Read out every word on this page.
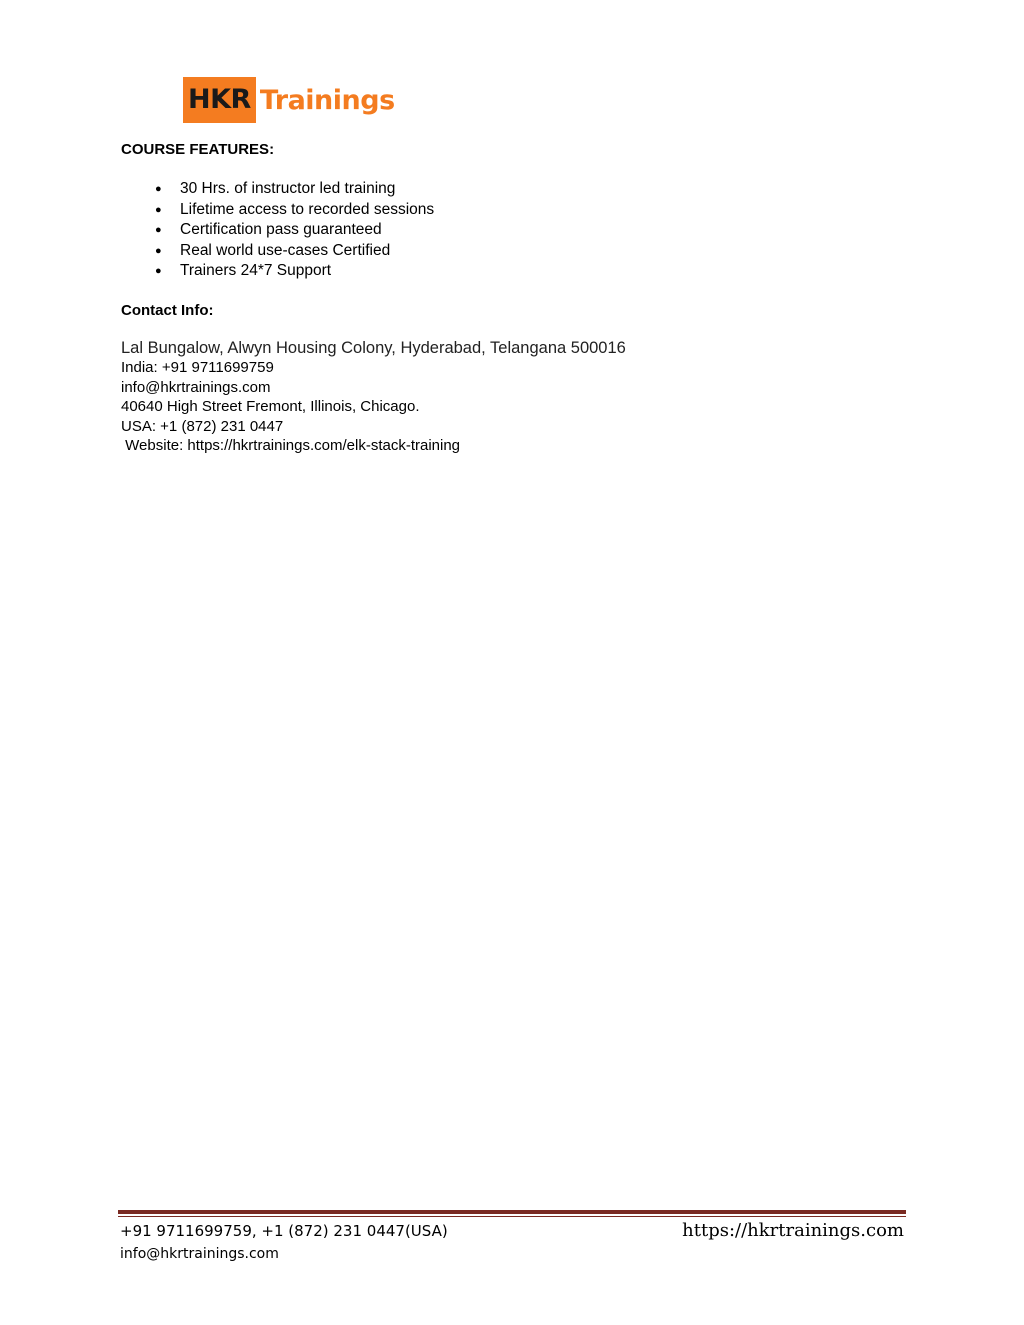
HKR Trainings
COURSE FEATURES:
● 30 Hrs. of instructor led training
● Lifetime access to recorded sessions
● Certification pass guaranteed
● Real world use-cases Certified
● Trainers 24*7 Support
Contact Info:
Lal Bungalow, Alwyn Housing Colony, Hyderabad, Telangana 500016
India: +91 9711699759
info@hkrtrainings.com
40640 High Street Fremont, Illinois, Chicago.
USA: +1 (872) 231 0447
Website: https://hkrtrainings.com/elk-stack-training
+91 9711699759, +1 (872) 231 0447(USA)
info@hkrtrainings.com
https://hkrtrainings.com
